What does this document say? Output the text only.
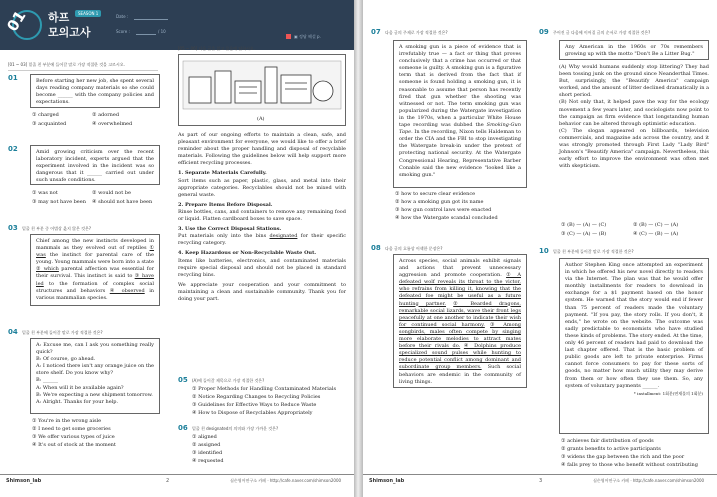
01 하프	SEASON 1
모의고사
Date :
Score :	/ 10
▣ 정답 해설 p.
[01 ~ 03] 밑줄 친 부분에 들어갈 말로 가장 적절한 것을 고르시오.
01	Before starting her new job, she spent several days reading company materials so she could become ______ with the company policies and expectations.
① charged	② adorned
③ acquainted	④ overwhelmed
02	Amid growing criticism over the recent laboratory incident, experts argued that the experiment involved in the incident was so dangerous that it ______ carried out under such unsafe conditions.
① was not	② would not be
③ may not have been ④ should not have been
03 밑줄 친 부분 중 어법상 옳지 않은 것은?
Chief among the new instincts developed in mammals as they evolved out of reptiles ① was the instinct for parental care of the young. Young mammals were born into a state ② which parental affection was essential for their survival. This instinct is said to ③ have led to the formation of complex social structures and behaviors ④ observed in various mammalian species.
04 밑줄 친 부분에 들어갈 말로 가장 적절한 것은?
A: Excuse me, can I ask you something really quick?
B: Of course, go ahead.
A: I noticed there isn't any orange juice on the store shelf. Do you know why?
B: ______
A: When will it be available again?
B: We're expecting a new shipment tomorrow.
A: Alright. Thanks for your help.
① You're in the wrong aisle
② I need to get some groceries
③ We offer various types of juice
④ It's out of stock at the moment
[05 ~ 06] 다음 글을 읽고 물음에 답하시오.
(A)
As part of our ongoing efforts to maintain a clean, safe, and pleasant environment for everyone, we would like to offer a brief reminder about the proper handling and disposal of recyclable materials. Following the guidelines below will help support more efficient recycling processes.
1. Separate Materials Carefully.
Sort items such as paper, plastic, glass, and metal into their appropriate categories. Recyclables should not be mixed with general waste.
2. Prepare Items Before Disposal.
Rinse bottles, cans, and containers to remove any remaining food or liquid. Flatten cardboard boxes to save space.
3. Use the Correct Disposal Stations.
Put materials only into the bins designated for their specific recycling category.
4. Keep Hazardous or Non-Recyclable Waste Out.
Items like batteries, electronics, and contaminated materials require special disposal and should not be placed in standard recycling bins.
We appreciate your cooperation and your commitment to maintaining a clean and sustainable community. Thank you for doing your part.
05 (A)에 들어갈 제목으로 가장 적절한 것은?
① Proper Methods for Handling Contaminated Materials
② Notice Regarding Changes to Recycling Policies
③ Guidelines for Effective Ways to Reduce Waste
④ How to Dispose of Recyclables Appropriately
06 밑줄 친 designated의 의미와 가장 가까운 것은?
① aligned
② assigned
③ identified
④ requested
Shimson_lab	심슨영어연구소 카페 · http://cafe.naver.com/shimson2000
2
07 다음 글의 주제로 가장 적절한 것은?
A smoking gun is a piece of evidence that is irrefutably true — a fact or thing that proves conclusively that a crime has occurred or that someone is guilty. A smoking gun is a figurative term that is derived from the fact that if someone is found holding a smoking gun, it is reasonable to assume that person has recently fired that gun whether the shooting was witnessed or not. The term smoking gun was popularized during the Watergate investigation in the 1970s, when a particular White House tape recording was dubbed the Smoking-Gun Tape. In the recording, Nixon tells Haldeman to order the CIA and the FBI to stop investigating the Watergate break-in under the pretext of protecting national security. At the Watergate Congressional Hearing, Representative Barber Conable said the new evidence "looked like a smoking gun."
① how to secure clear evidence
② how a smoking gun got its name
③ how gun control laws were enacted
④ how the Watergate scandal concluded
08 다음 글의 흐름상 어색한 문장은?
Across species, social animals exhibit signals and actions that prevent unnecessary aggression and promote cooperation. ① A defeated wolf reveals its throat to the victor, who refrains from killing it, knowing that the defeated foe might be useful as a future hunting partner. ② Bearded dragons, remarkable social lizards, wave their front legs peacefully at one another to indicate their wish for continued social harmony. ③ Among songbirds, males often compete by singing more elaborate melodies to attract mates before their rivals do. ④ Dolphins produce specialized sound pulses while hunting to reduce potential conflict among dominant and subordinate group members. Such social behaviors are endemic in the community of living things.
09 주어진 글 다음에 이어질 글의 순서로 가장 적절한 것은?
Any American in the 1960s or 70s remembers growing up with the motto "Don't Be a Litter Bug."
(A) Why would humans suddenly stop littering? They had been tossing junk on the ground since Neanderthal Times. But, surprisingly, the "Beautify America" campaign worked, and the amount of litter declined dramatically in a short period.
(B) Not only that, it helped pave the way for the ecology movement a few years later, and sociologists now point to the campaign as firm evidence that longstanding human behavior can be altered through optimistic education.
(C) The slogan appeared on billboards, television commercials, and magazine ads across the country, and it was strongly promoted through First Lady "Lady Bird" Johnson's "Beautify America" campaign. Nevertheless, this early effort to improve the environment was often met with skepticism.
① (B) — (A) — (C)	② (B) — (C) — (A)
③ (C) — (A) — (B)	④ (C) — (B) — (A)
10 밑줄 친 부분에 들어갈 말로 가장 적절한 것은?
Author Stephen King once attempted an experiment in which he offered his new novel directly to readers via the Internet. The plan was that he would offer monthly installments for readers to download in exchange for a $1 payment based on the honor system. He warned that the story would end if fewer than 75 percent of readers made the voluntary payment. "If you pay, the story rolls. If you don't, it ends," he wrote on the website. The outcome was sadly predictable to economists who have studied these kinds of problems. The story ended. At the time, only 46 percent of readers had paid to download the last chapter offered. That is the basic problem of public goods are left to private enterprise. Firms cannot force consumers to pay for these sorts of goods, no matter how much utility they may derive from them or how often they use them. So, any system of voluntary payments ______.
* installment: 1회분(연재물의 1회분)
① achieves fair distribution of goods
② grants benefits to active participants
③ widens the gap between the rich and the poor
④ falls prey to those who benefit without contributing
Shimson_lab	심슨영어연구소 카페 · http://cafe.naver.com/shimson2000
3
